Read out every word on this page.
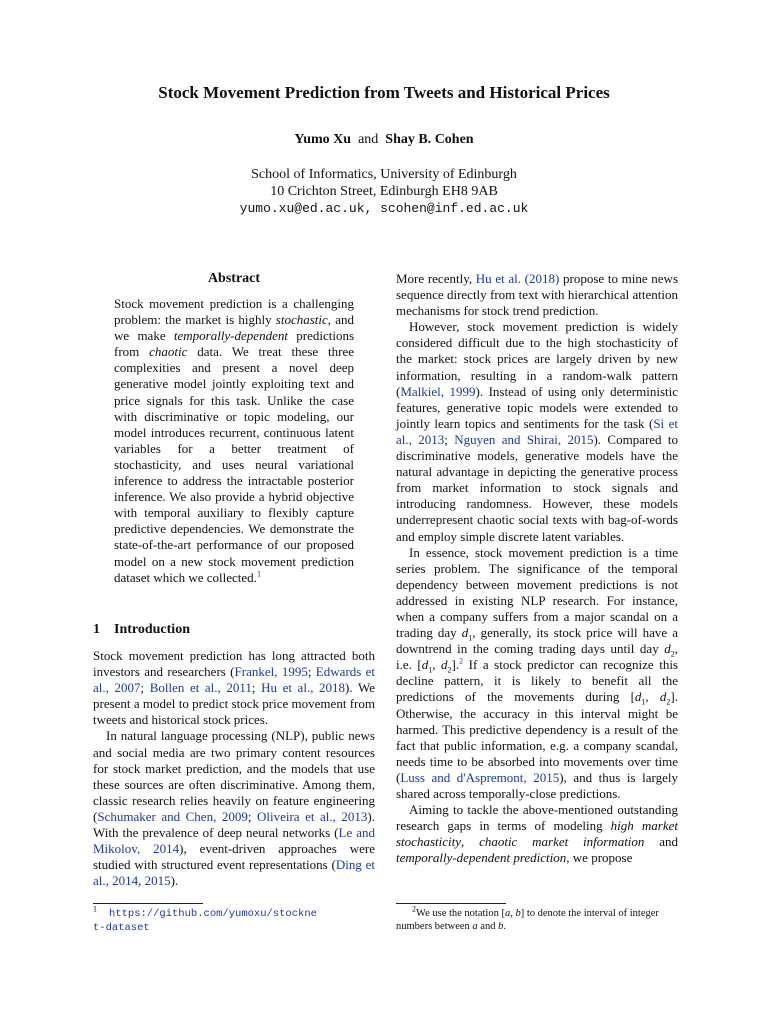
Stock Movement Prediction from Tweets and Historical Prices
Yumo Xu and Shay B. Cohen
School of Informatics, University of Edinburgh
10 Crichton Street, Edinburgh EH8 9AB
yumo.xu@ed.ac.uk, scohen@inf.ed.ac.uk
Abstract
Stock movement prediction is a challenging problem: the market is highly stochastic, and we make temporally-dependent predictions from chaotic data. We treat these three complexities and present a novel deep generative model jointly exploiting text and price signals for this task. Unlike the case with discriminative or topic modeling, our model introduces recurrent, continuous latent variables for a better treatment of stochasticity, and uses neural variational inference to address the intractable posterior inference. We also provide a hybrid objective with temporal auxiliary to flexibly capture predictive dependencies. We demonstrate the state-of-the-art performance of our proposed model on a new stock movement prediction dataset which we collected.$^1$
1 Introduction

Stock movement prediction has long attracted both investors and researchers (Frankel, 1995; Edwards et al., 2007; Bollen et al., 2011; Hu et al., 2018). We present a model to predict stock price movement from tweets and historical stock prices.

In natural language processing (NLP), public news and social media are two primary content resources for stock market prediction, and the models that use these sources are often discriminative. Among them, classic research relies heavily on feature engineering (Schumaker and Chen, 2009; Oliveira et al., 2013). With the prevalence of deep neural networks (Le and Mikolov, 2014), event-driven approaches were studied with structured event representations (Ding et al., 2014, 2015).

$^1$ https://github.com/yumoxu/stocknet-dataset

More recently, Hu et al. (2018) propose to mine news sequence directly from text with hierarchical attention mechanisms for stock trend prediction.

However, stock movement prediction is widely considered difficult due to the high stochasticity of the market: stock prices are largely driven by new information, resulting in a random-walk pattern (Malkiel, 1999). Instead of using only deterministic features, generative topic models were extended to jointly learn topics and sentiments for the task (Si et al., 2013; Nguyen and Shirai, 2015). Compared to discriminative models, generative models have the natural advantage in depicting the generative process from market information to stock signals and introducing randomness. However, these models underrepresent chaotic social texts with bag-of-words and employ simple discrete latent variables.

In essence, stock movement prediction is a time series problem. The significance of the temporal dependency between movement predictions is not addressed in existing NLP research. For instance, when a company suffers from a major scandal on a trading day $d_1$, generally, its stock price will have a downtrend in the coming trading days until day $d_2$, i.e. [$d_1$, $d_2].^2$ If a stock predictor can recognize this decline pattern, it is likely to benefit all the predictions of the movements during [$d_1$, $d_2$]. Otherwise, the accuracy in this interval might be harmed. This predictive dependency is a result of the fact that public information, e.g. a company scandal, needs time to be absorbed into movements over time (Luss and d'Aspremont, 2015), and thus is largely shared across temporally-close predictions.

Aiming to tackle the above-mentioned outstanding research gaps in terms of modeling high market stochasticity, chaotic market information and temporally-dependent prediction, we propose

$^2$We use the notation [a, b] to denote the interval of integer numbers between a and b.
